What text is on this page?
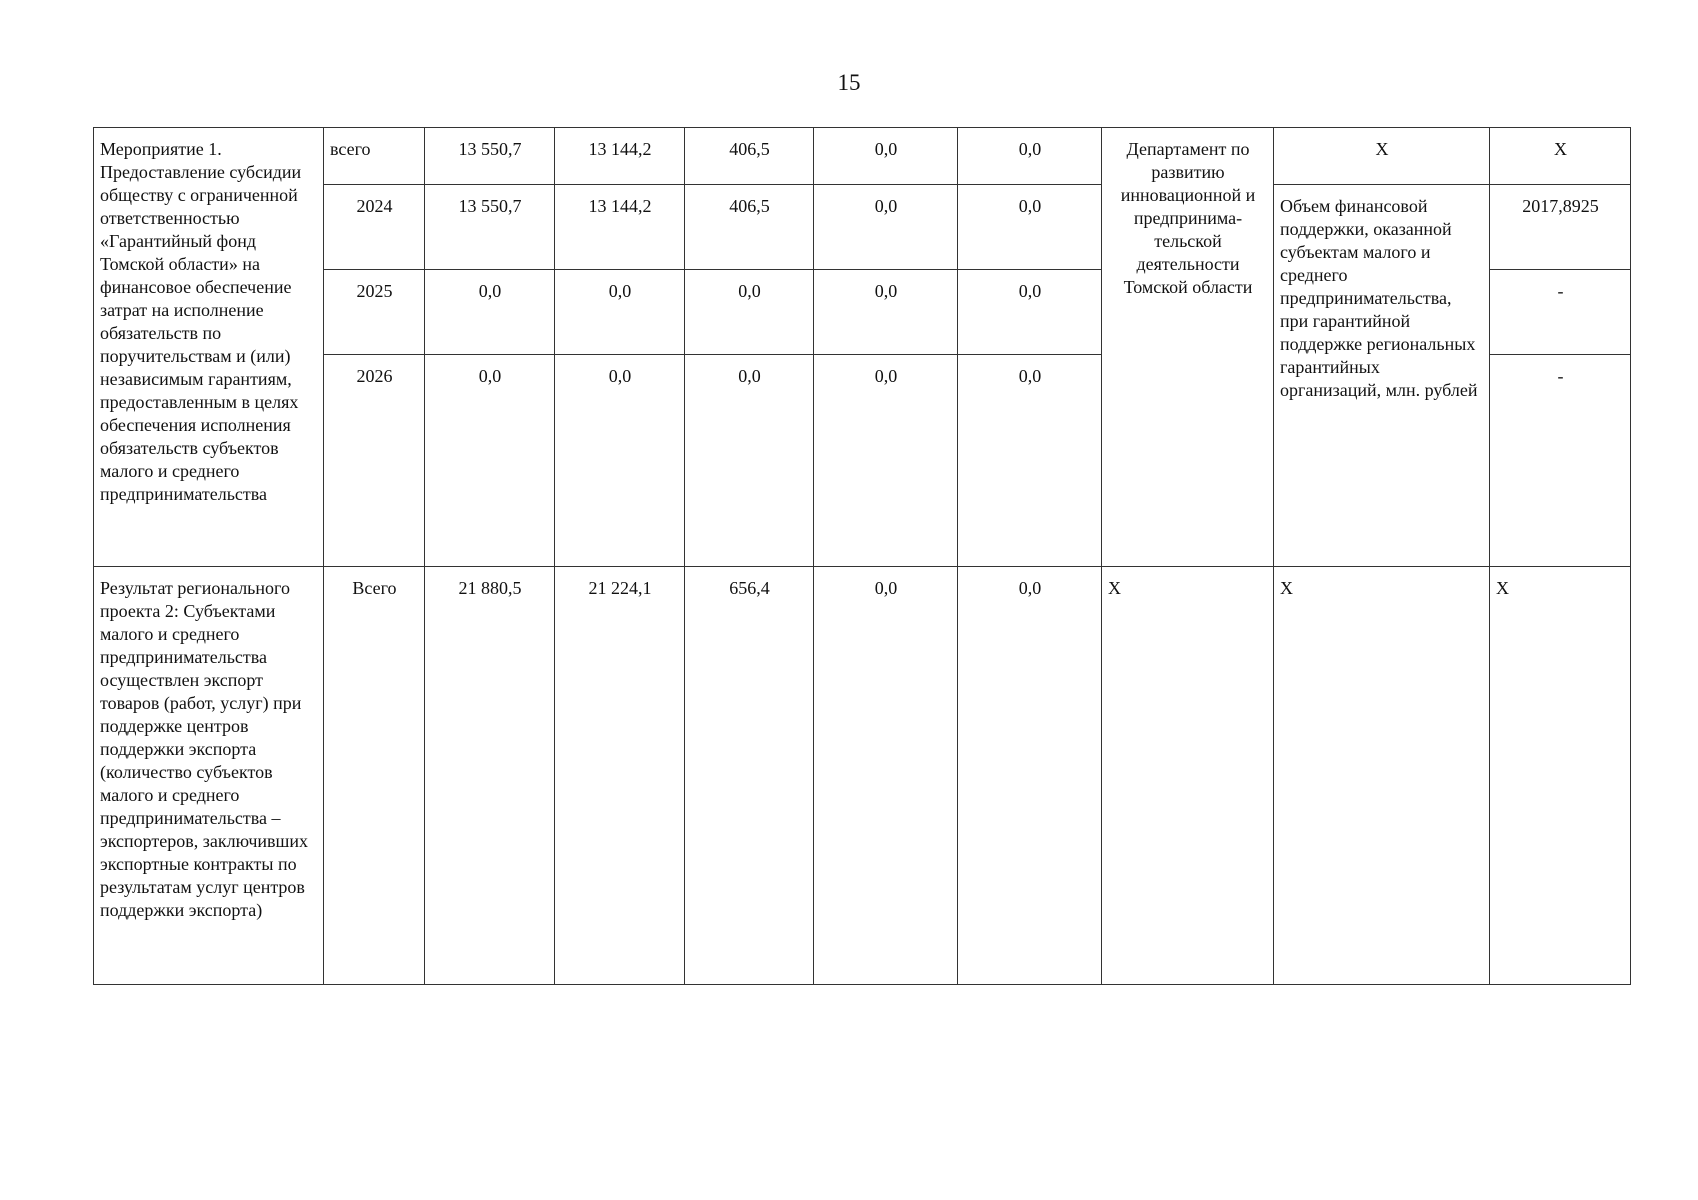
15
Мероприятие 1. Предоставление субсидии обществу с ограниченной ответственностью «Гарантийный фонд Томской области» на финансовое обеспечение затрат на исполнение обязательств по поручительствам и (или) независимым гарантиям, предоставленным в целях обеспечения исполнения обязательств субъектов малого и среднего предпринимательства	всего	13 550,7	13 144,2	406,5	0,0	0,0	Департамент по развитию инновационной и предпринима-тельской деятельности Томской области	Х	Х
	2024	13 550,7	13 144,2	406,5	0,0	0,0		Объем финансовой поддержки, оказанной субъектам малого и среднего предпринимательства, при гарантийной поддержке региональных гарантийных организаций, млн. рублей	2017,8925
	2025	0,0	0,0	0,0	0,0	0,0			-
	2026	0,0	0,0	0,0	0,0	0,0			-
Результат регионального проекта 2: Субъектами малого и среднего предпринимательства осуществлен экспорт товаров (работ, услуг) при поддержке центров поддержки экспорта (количество субъектов малого и среднего предпринимательства – экспортеров, заключивших экспортные контракты по результатам услуг центров поддержки экспорта)	Всего	21 880,5	21 224,1	656,4	0,0	0,0	Х	Х	Х
